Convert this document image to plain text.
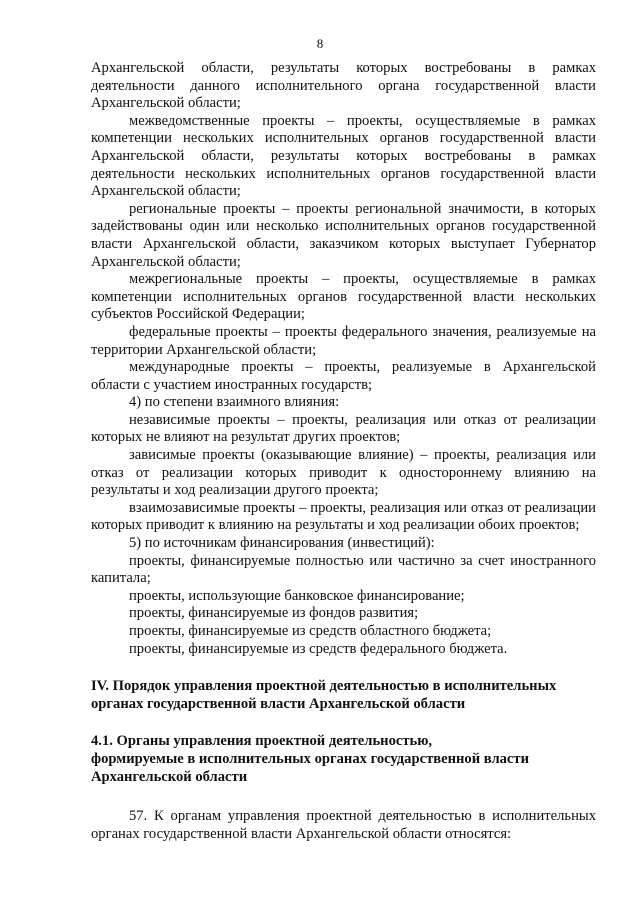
8

Архангельской области, результаты которых востребованы в рамках деятельности данного исполнительного органа государственной власти Архангельской области;

межведомственные проекты – проекты, осуществляемые в рамках компетенции нескольких исполнительных органов государственной власти Архангельской области, результаты которых востребованы в рамках деятельности нескольких исполнительных органов государственной власти Архангельской области;

региональные проекты – проекты региональной значимости, в которых задействованы один или несколько исполнительных органов государственной власти Архангельской области, заказчиком которых выступает Губернатор Архангельской области;

межрегиональные проекты – проекты, осуществляемые в рамках компетенции исполнительных органов государственной власти нескольких субъектов Российской Федерации;

федеральные проекты – проекты федерального значения, реализуемые на территории Архангельской области;

международные проекты – проекты, реализуемые в Архангельской области с участием иностранных государств;

4) по степени взаимного влияния:

независимые проекты – проекты, реализация или отказ от реализации которых не влияют на результат других проектов;

зависимые проекты (оказывающие влияние) – проекты, реализация или отказ от реализации которых приводит к одностороннему влиянию на результаты и ход реализации другого проекта;

взаимозависимые проекты – проекты, реализация или отказ от реализации которых приводит к влиянию на результаты и ход реализации обоих проектов;

5) по источникам финансирования (инвестиций):

проекты, финансируемые полностью или частично за счет иностранного капитала;

проекты, использующие банковское финансирование;

проекты, финансируемые из фондов развития;

проекты, финансируемые из средств областного бюджета;

проекты, финансируемые из средств федерального бюджета.

IV. Порядок управления проектной деятельностью в исполнительных

органах государственной власти Архангельской области

4.1. Органы управления проектной деятельностью,

формируемые в исполнительных органах государственной власти

Архангельской области

57. К органам управления проектной деятельностью в исполнительных органах государственной власти Архангельской области относятся:
